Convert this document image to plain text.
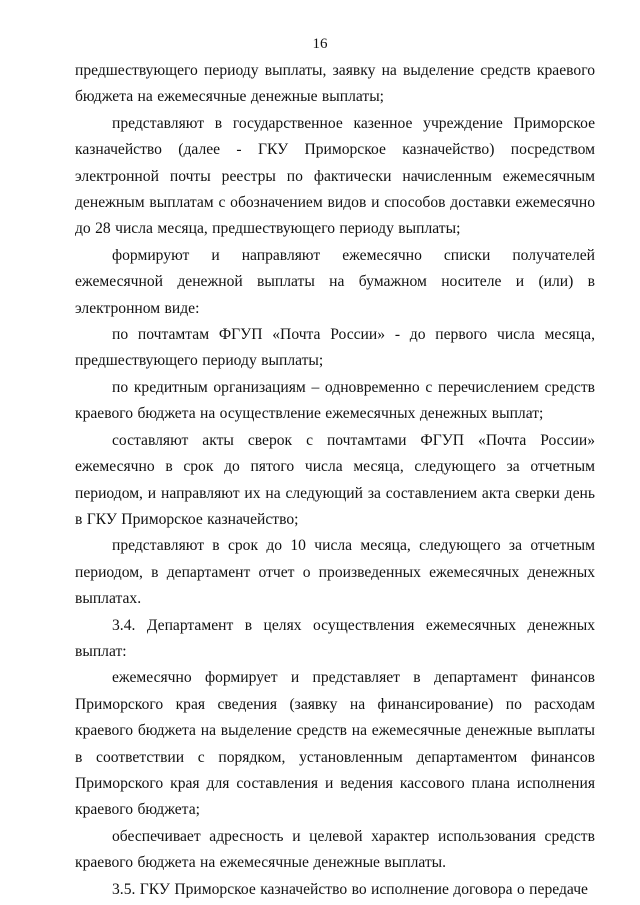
16

предшествующего периоду выплаты, заявку на выделение средств краевого бюджета на ежемесячные денежные выплаты;

представляют в государственное казенное учреждение Приморское казначейство (далее - ГКУ Приморское казначейство) посредством электронной почты реестры по фактически начисленным ежемесячным денежным выплатам с обозначением видов и способов доставки ежемесячно до 28 числа месяца, предшествующего периоду выплаты;

формируют и направляют ежемесячно списки получателей ежемесячной денежной выплаты на бумажном носителе и (или) в электронном виде:

по почтамтам ФГУП «Почта России» - до первого числа месяца, предшествующего периоду выплаты;

по кредитным организациям – одновременно с перечислением средств краевого бюджета на осуществление ежемесячных денежных выплат;

составляют акты сверок с почтамтами ФГУП «Почта России» ежемесячно в срок до пятого числа месяца, следующего за отчетным периодом, и направляют их на следующий за составлением акта сверки день в ГКУ Приморское казначейство;

представляют в срок до 10 числа месяца, следующего за отчетным периодом, в департамент отчет о произведенных ежемесячных денежных выплатах.

3.4. Департамент в целях осуществления ежемесячных денежных выплат:

ежемесячно формирует и представляет в департамент финансов Приморского края сведения (заявку на финансирование) по расходам краевого бюджета на выделение средств на ежемесячные денежные выплаты в соответствии с порядком, установленным департаментом финансов Приморского края для составления и ведения кассового плана исполнения краевого бюджета;

обеспечивает адресность и целевой характер использования средств краевого бюджета на ежемесячные денежные выплаты.

3.5. ГКУ Приморское казначейство во исполнение договора о передаче
